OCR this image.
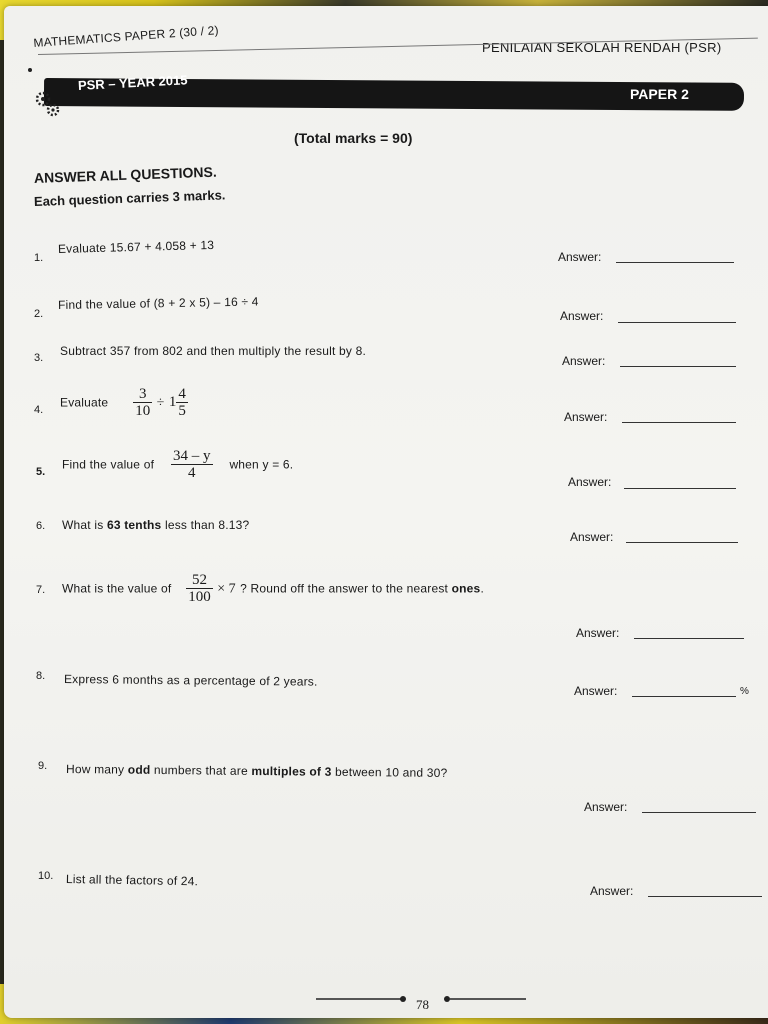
MATHEMATICS PAPER 2 (30 / 2)	PENILAIAN SEKOLAH RENDAH (PSR)
PSR – YEAR 2015
PAPER 2
(Total marks = 90)
ANSWER ALL QUESTIONS.
Each question carries 3 marks.
1.
Evaluate 15.67 + 4.058 + 13
Answer:
2.
Find the value of (8 + 2 x 5) – 16 ÷ 4
Answer:
3. Subtract 357 from 802 and then multiply the result by 8.
Answer:
4.
Evaluate $\frac{3}{10} \div 1 \frac{4}{5}$	Answer:
5.
Find the value of $\frac{34 - y}{4}$ when y = 6.
Answer:
6. What is 63 tenths less than 8.13?
Answer:
7. What is the value of $\frac{52}{100} \times 7$ ? Round off the answer to the nearest ones.
Answer:
8. Express 6 months as a percentage of 2 years.
Answer:	%
9. How many odd numbers that are multiples of 3 between 10 and 30?
Answer:
10. List all the factors of 24.
Answer:
78
